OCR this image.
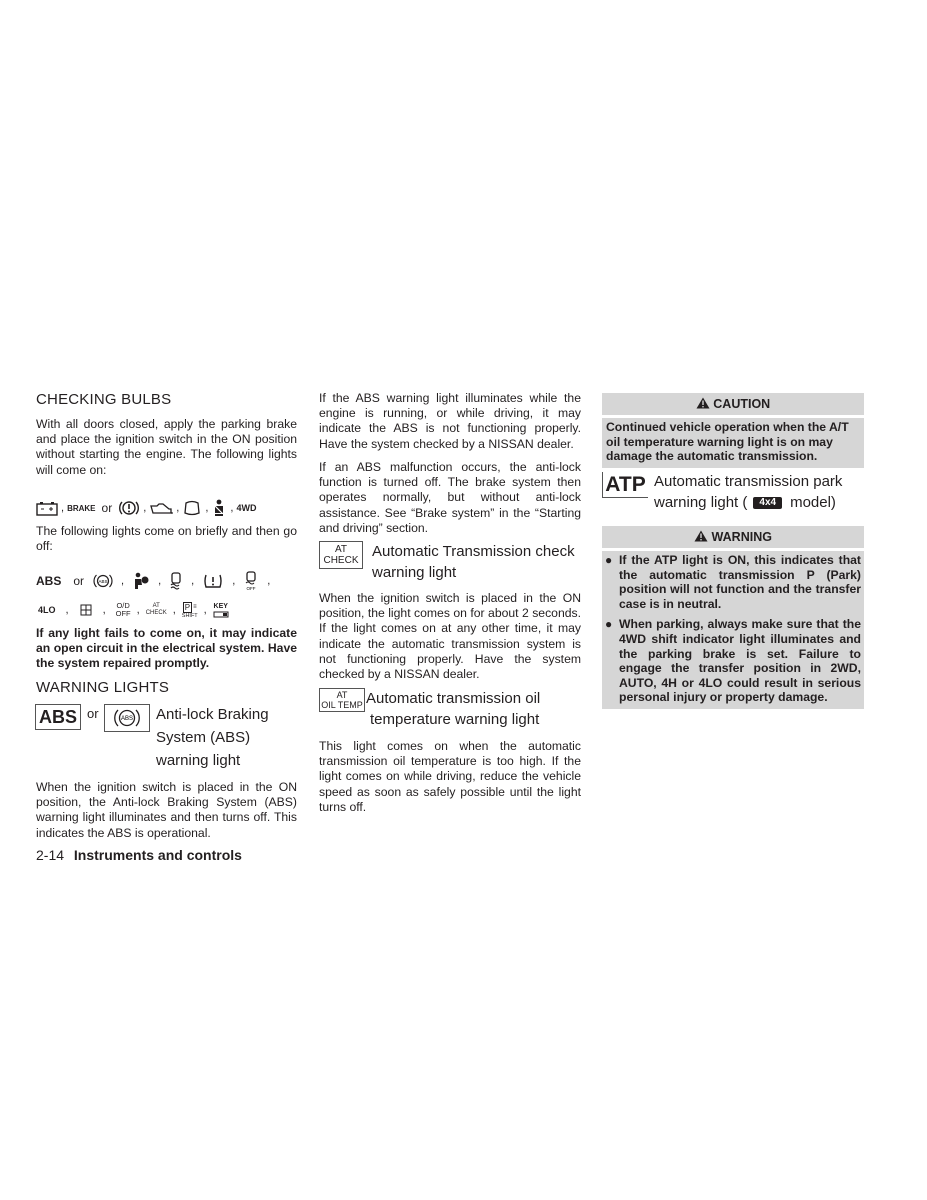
CHECKING BULBS
With all doors closed, apply the parking brake and place the ignition switch in the ON position without starting the engine. The following lights will come on:
, BRAKE or	,	, , , 4WD
The following lights come on briefly and then go off:
ABS or	ABS ,	,	,	,
OFF
,
4LO ,	, O/D
OFF , AT
CHECK , P ≡
SHIFT , KEY
If any light fails to come on, it may indicate an open circuit in the electrical system. Have the system repaired promptly.
WARNING LIGHTS
ABS or	ABS Anti-lock Braking
System (ABS)
warning light
When the ignition switch is placed in the ON position, the Anti-lock Braking System (ABS) warning light illuminates and then turns off. This indicates the ABS is operational.
2-14 Instruments and controls
If the ABS warning light illuminates while the engine is running, or while driving, it may indicate the ABS is not functioning properly. Have the system checked by a NISSAN dealer.
If an ABS malfunction occurs, the anti-lock function is turned off. The brake system then operates normally, but without anti-lock assistance. See “Brake system” in the “Starting and driving” section.
AT
CHECK
Automatic Transmission check
warning light
When the ignition switch is placed in the ON position, the light comes on for about 2 seconds. If the light comes on at any other time, it may indicate the automatic transmission system is not functioning properly. Have the system checked by a NISSAN dealer.
AT
OIL TEMP Automatic transmission oil
temperature warning light
This light comes on when the automatic transmission oil temperature is too high. If the light comes on while driving, reduce the vehicle speed as soon as safely possible until the light turns off.
CAUTION
Continued vehicle operation when the A/T oil temperature warning light is on may damage the automatic transmission.
ATP Automatic transmission park
warning light (	4x4 model)
WARNING
● If the ATP light is ON, this indicates that the automatic transmission P (Park) position will not function and the transfer case is in neutral.
● When parking, always make sure that the 4WD shift indicator light illuminates and the parking brake is set. Failure to engage the transfer position in 2WD, AUTO, 4H or 4LO could result in serious personal injury or property damage.
